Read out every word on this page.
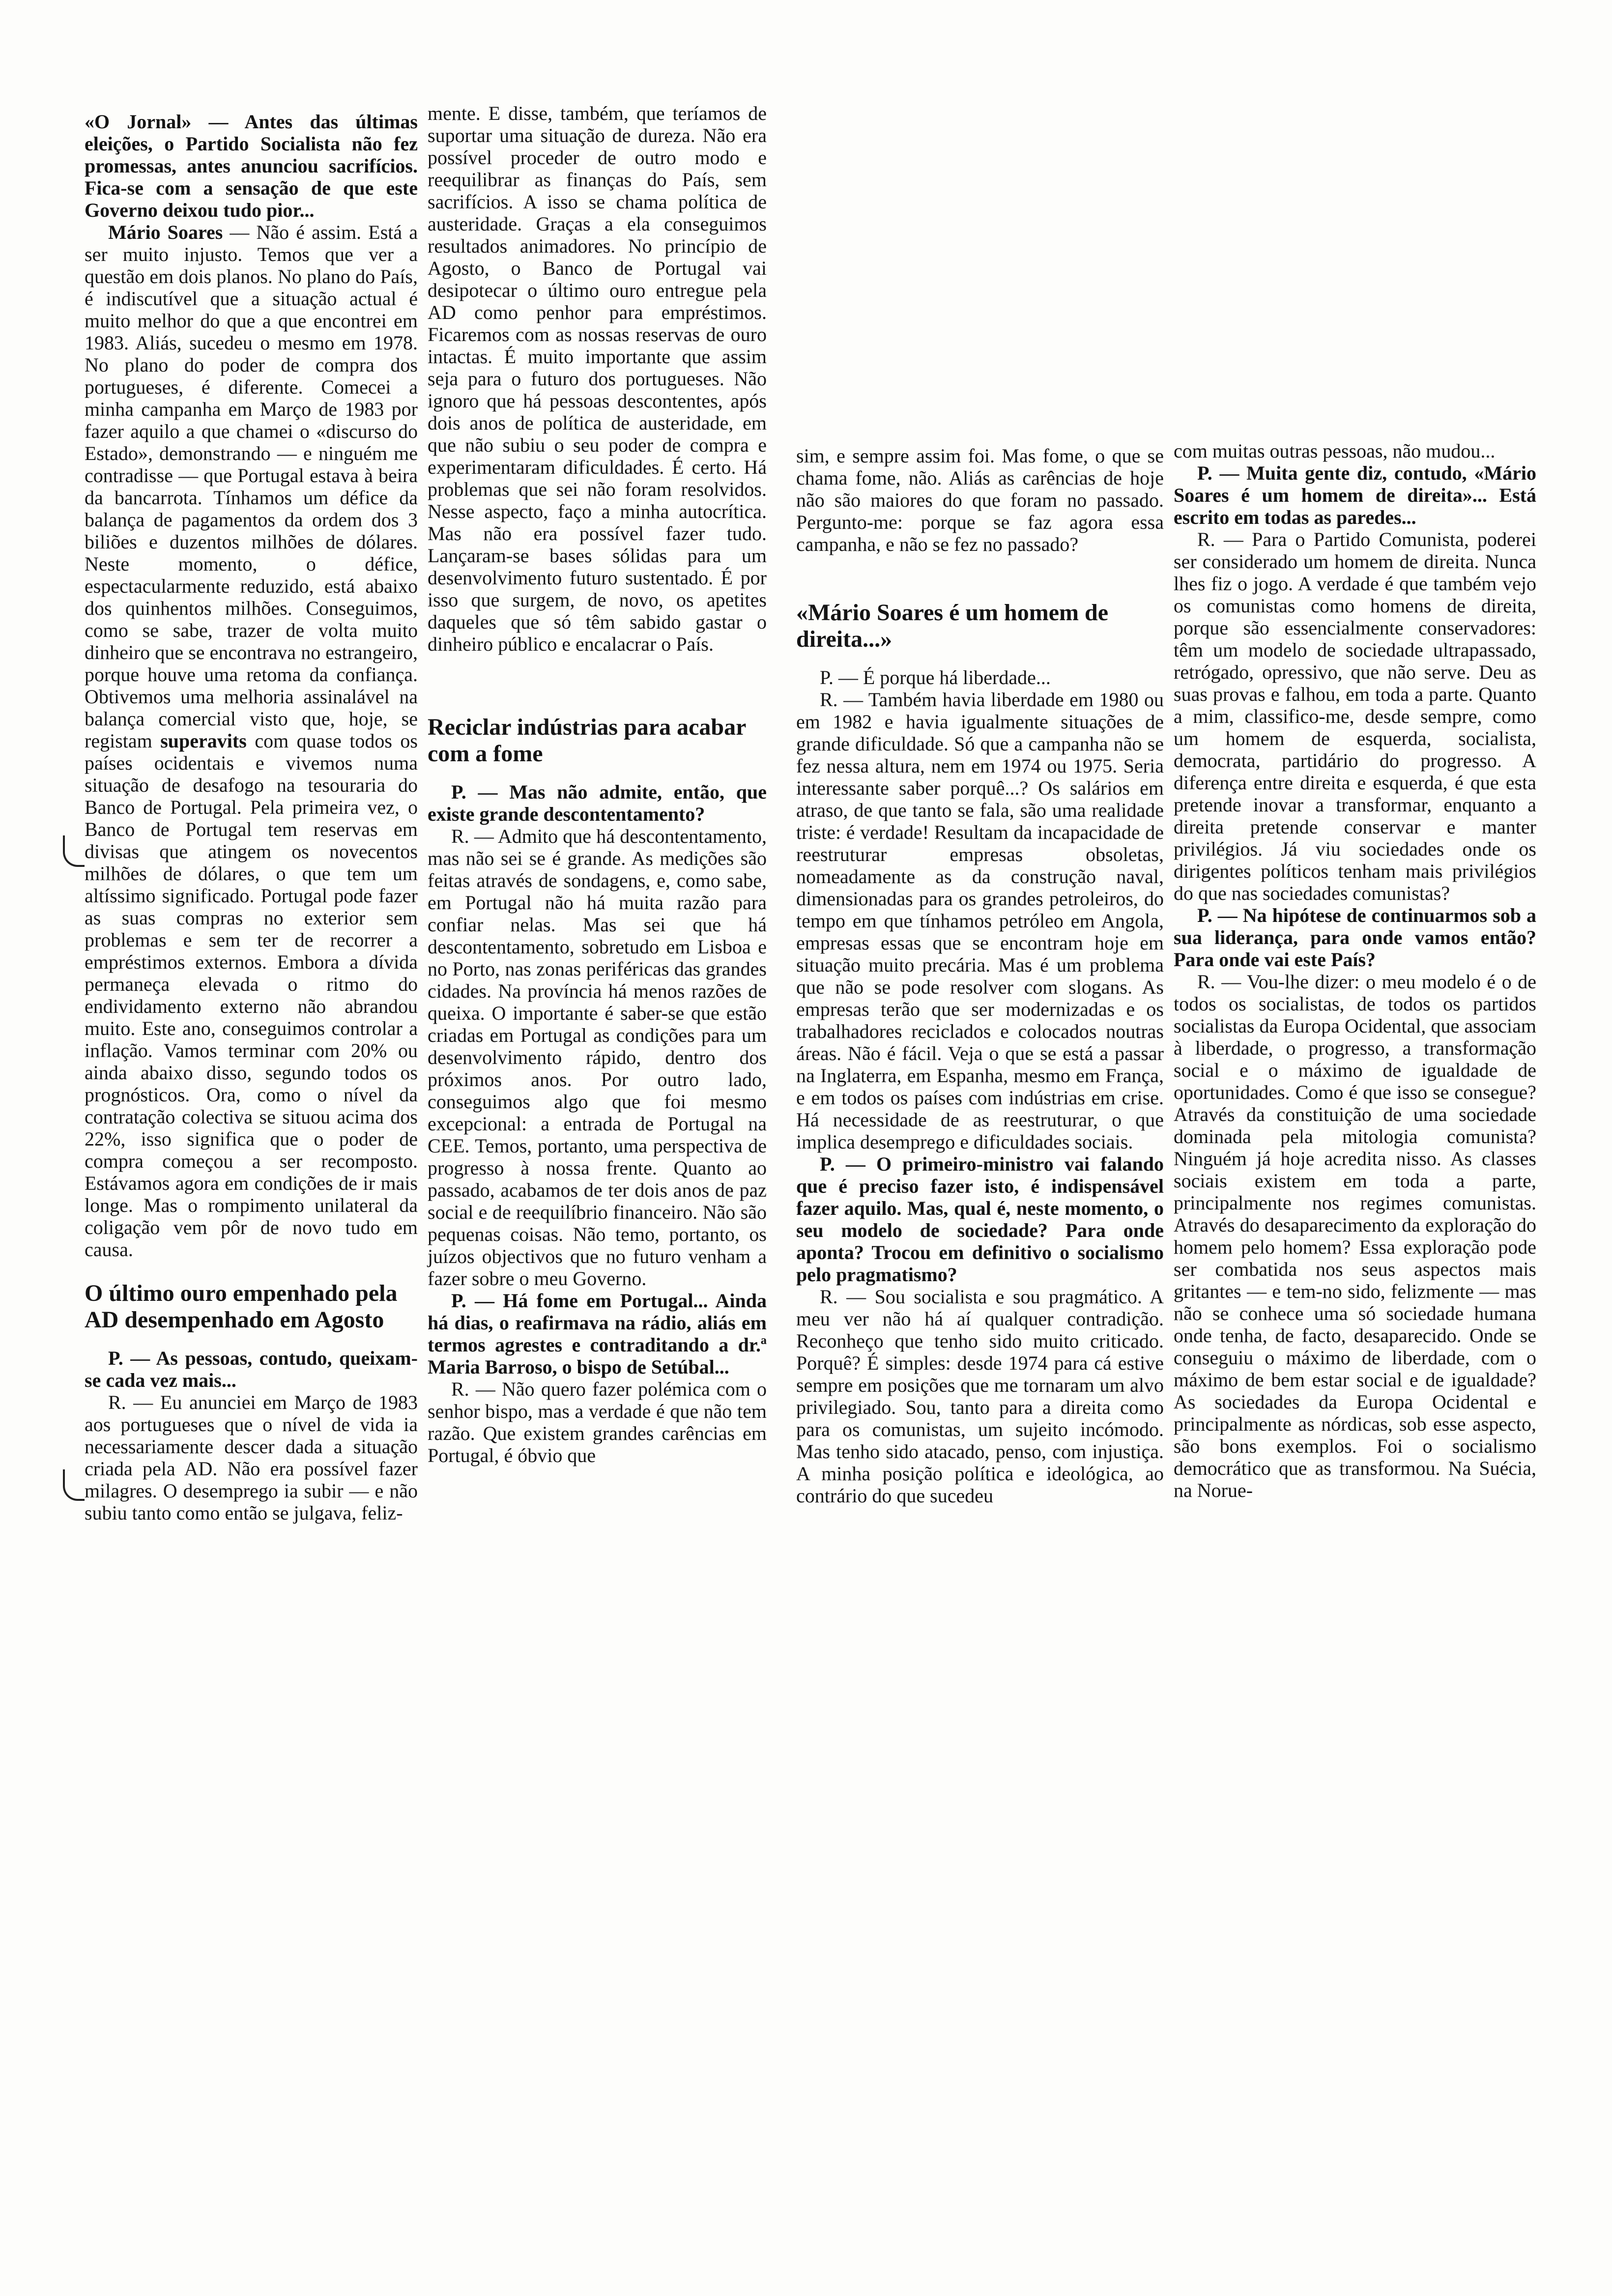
«O Jornal» — Antes das últimas eleições, o Partido Socialista não fez promessas, antes anunciou sacrifícios. Fica-se com a sensação de que este Governo deixou tudo pior...

Mário Soares — Não é assim. Está a ser muito injusto. Temos que ver a questão em dois planos. No plano do País, é indiscutível que a situação actual é muito melhor do que a que encontrei em 1983. Aliás, sucedeu o mesmo em 1978. No plano do poder de compra dos portugueses, é diferente. Comecei a minha campanha em Março de 1983 por fazer aquilo a que chamei o «discurso do Estado», demonstrando — e ninguém me contradisse — que Portugal estava à beira da bancarrota. Tínhamos um défice da balança de pagamentos da ordem dos 3 biliões e duzentos milhões de dólares. Neste momento, o défice, espectacularmente reduzido, está abaixo dos quinhentos milhões. Conseguimos, como se sabe, trazer de volta muito dinheiro que se encontrava no estrangeiro, porque houve uma retoma da confiança. Obtivemos uma melhoria assinalável na balança comercial visto que, hoje, se registam superavits com quase todos os países ocidentais e vivemos numa situação de desafogo na tesouraria do Banco de Portugal. Pela primeira vez, o Banco de Portugal tem reservas em divisas que atingem os novecentos milhões de dólares, o que tem um altíssimo significado. Portugal pode fazer as suas compras no exterior sem problemas e sem ter de recorrer a empréstimos externos. Embora a dívida permaneça elevada o ritmo do endividamento externo não abrandou muito. Este ano, conseguimos controlar a inflação. Vamos terminar com 20% ou ainda abaixo disso, segundo todos os prognósticos. Ora, como o nível da contratação colectiva se situou acima dos 22%, isso significa que o poder de compra começou a ser recomposto. Estávamos agora em condições de ir mais longe. Mas o rompimento unilateral da coligação vem pôr de novo tudo em causa.

O último ouro empenhado pela AD desempenhado em Agosto

P. — As pessoas, contudo, queixam-se cada vez mais...

R. — Eu anunciei em Março de 1983 aos portugueses que o nível de vida ia necessariamente descer dada a situação criada pela AD. Não era possível fazer milagres. O desemprego ia subir — e não subiu tanto como então se julgava, feliz-

mente. E disse, também, que teríamos de suportar uma situação de dureza. Não era possível proceder de outro modo e reequilibrar as finanças do País, sem sacrifícios. A isso se chama política de austeridade. Graças a ela conseguimos resultados animadores. No princípio de Agosto, o Banco de Portugal vai desipotecar o último ouro entregue pela AD como penhor para empréstimos. Ficaremos com as nossas reservas de ouro intactas. É muito importante que assim seja para o futuro dos portugueses. Não ignoro que há pessoas descontentes, após dois anos de política de austeridade, em que não subiu o seu poder de compra e experimentaram dificuldades. É certo. Há problemas que sei não foram resolvidos. Nesse aspecto, faço a minha autocrítica. Mas não era possível fazer tudo. Lançaram-se bases sólidas para um desenvolvimento futuro sustentado. É por isso que surgem, de novo, os apetites daqueles que só têm sabido gastar o dinheiro público e encalacrar o País.

Reciclar indústrias para acabar com a fome

P. — Mas não admite, então, que existe grande descontentamento?

R. — Admito que há descontentamento, mas não sei se é grande. As medições são feitas através de sondagens, e, como sabe, em Portugal não há muita razão para confiar nelas. Mas sei que há descontentamento, sobretudo em Lisboa e no Porto, nas zonas periféricas das grandes cidades. Na província há menos razões de queixa. O importante é saber-se que estão criadas em Portugal as condições para um desenvolvimento rápido, dentro dos próximos anos. Por outro lado, conseguimos algo que foi mesmo excepcional: a entrada de Portugal na CEE. Temos, portanto, uma perspectiva de progresso à nossa frente. Quanto ao passado, acabamos de ter dois anos de paz social e de reequilíbrio financeiro. Não são pequenas coisas. Não temo, portanto, os juízos objectivos que no futuro venham a fazer sobre o meu Governo.

P. — Há fome em Portugal... Ainda há dias, o reafirmava na rádio, aliás em termos agrestes e contraditando a dr.ª Maria Barroso, o bispo de Setúbal...

R. — Não quero fazer polémica com o senhor bispo, mas a verdade é que não tem razão. Que existem grandes carências em Portugal, é óbvio que

sim, e sempre assim foi. Mas fome, o que se chama fome, não. Aliás as carências de hoje não são maiores do que foram no passado. Pergunto-me: porque se faz agora essa campanha, e não se fez no passado?

«Mário Soares é um homem de direita...»

P. — É porque há liberdade...

R. — Também havia liberdade em 1980 ou em 1982 e havia igualmente situações de grande dificuldade. Só que a campanha não se fez nessa altura, nem em 1974 ou 1975. Seria interessante saber porquê...? Os salários em atraso, de que tanto se fala, são uma realidade triste: é verdade! Resultam da incapacidade de reestruturar empresas obsoletas, nomeadamente as da construção naval, dimensionadas para os grandes petroleiros, do tempo em que tínhamos petróleo em Angola, empresas essas que se encontram hoje em situação muito precária. Mas é um problema que não se pode resolver com slogans. As empresas terão que ser modernizadas e os trabalhadores reciclados e colocados noutras áreas. Não é fácil. Veja o que se está a passar na Inglaterra, em Espanha, mesmo em França, e em todos os países com indústrias em crise. Há necessidade de as reestruturar, o que implica desemprego e dificuldades sociais.

P. — O primeiro-ministro vai falando que é preciso fazer isto, é indispensável fazer aquilo. Mas, qual é, neste momento, o seu modelo de sociedade? Para onde aponta? Trocou em definitivo o socialismo pelo pragmatismo?

R. — Sou socialista e sou pragmático. A meu ver não há aí qualquer contradição. Reconheço que tenho sido muito criticado. Porquê? É simples: desde 1974 para cá estive sempre em posições que me tornaram um alvo privilegiado. Sou, tanto para a direita como para os comunistas, um sujeito incómodo. Mas tenho sido atacado, penso, com injustiça. A minha posição política e ideológica, ao contrário do que sucedeu

com muitas outras pessoas, não mudou...

P. — Muita gente diz, contudo, «Mário Soares é um homem de direita»... Está escrito em todas as paredes...

R. — Para o Partido Comunista, poderei ser considerado um homem de direita. Nunca lhes fiz o jogo. A verdade é que também vejo os comunistas como homens de direita, porque são essencialmente conservadores: têm um modelo de sociedade ultrapassado, retrógado, opressivo, que não serve. Deu as suas provas e falhou, em toda a parte. Quanto a mim, classifico-me, desde sempre, como um homem de esquerda, socialista, democrata, partidário do progresso. A diferença entre direita e esquerda, é que esta pretende inovar a transformar, enquanto a direita pretende conservar e manter privilégios. Já viu sociedades onde os dirigentes políticos tenham mais privilégios do que nas sociedades comunistas?

P. — Na hipótese de continuarmos sob a sua liderança, para onde vamos então? Para onde vai este País?

R. — Vou-lhe dizer: o meu modelo é o de todos os socialistas, de todos os partidos socialistas da Europa Ocidental, que associam à liberdade, o progresso, a transformação social e o máximo de igualdade de oportunidades. Como é que isso se consegue? Através da constituição de uma sociedade dominada pela mitologia comunista? Ninguém já hoje acredita nisso. As classes sociais existem em toda a parte, principalmente nos regimes comunistas. Através do desaparecimento da exploração do homem pelo homem? Essa exploração pode ser combatida nos seus aspectos mais gritantes — e tem-no sido, felizmente — mas não se conhece uma só sociedade humana onde tenha, de facto, desaparecido. Onde se conseguiu o máximo de liberdade, com o máximo de bem estar social e de igualdade? As sociedades da Europa Ocidental e principalmente as nórdicas, sob esse aspecto, são bons exemplos. Foi o socialismo democrático que as transformou. Na Suécia, na Norue-
